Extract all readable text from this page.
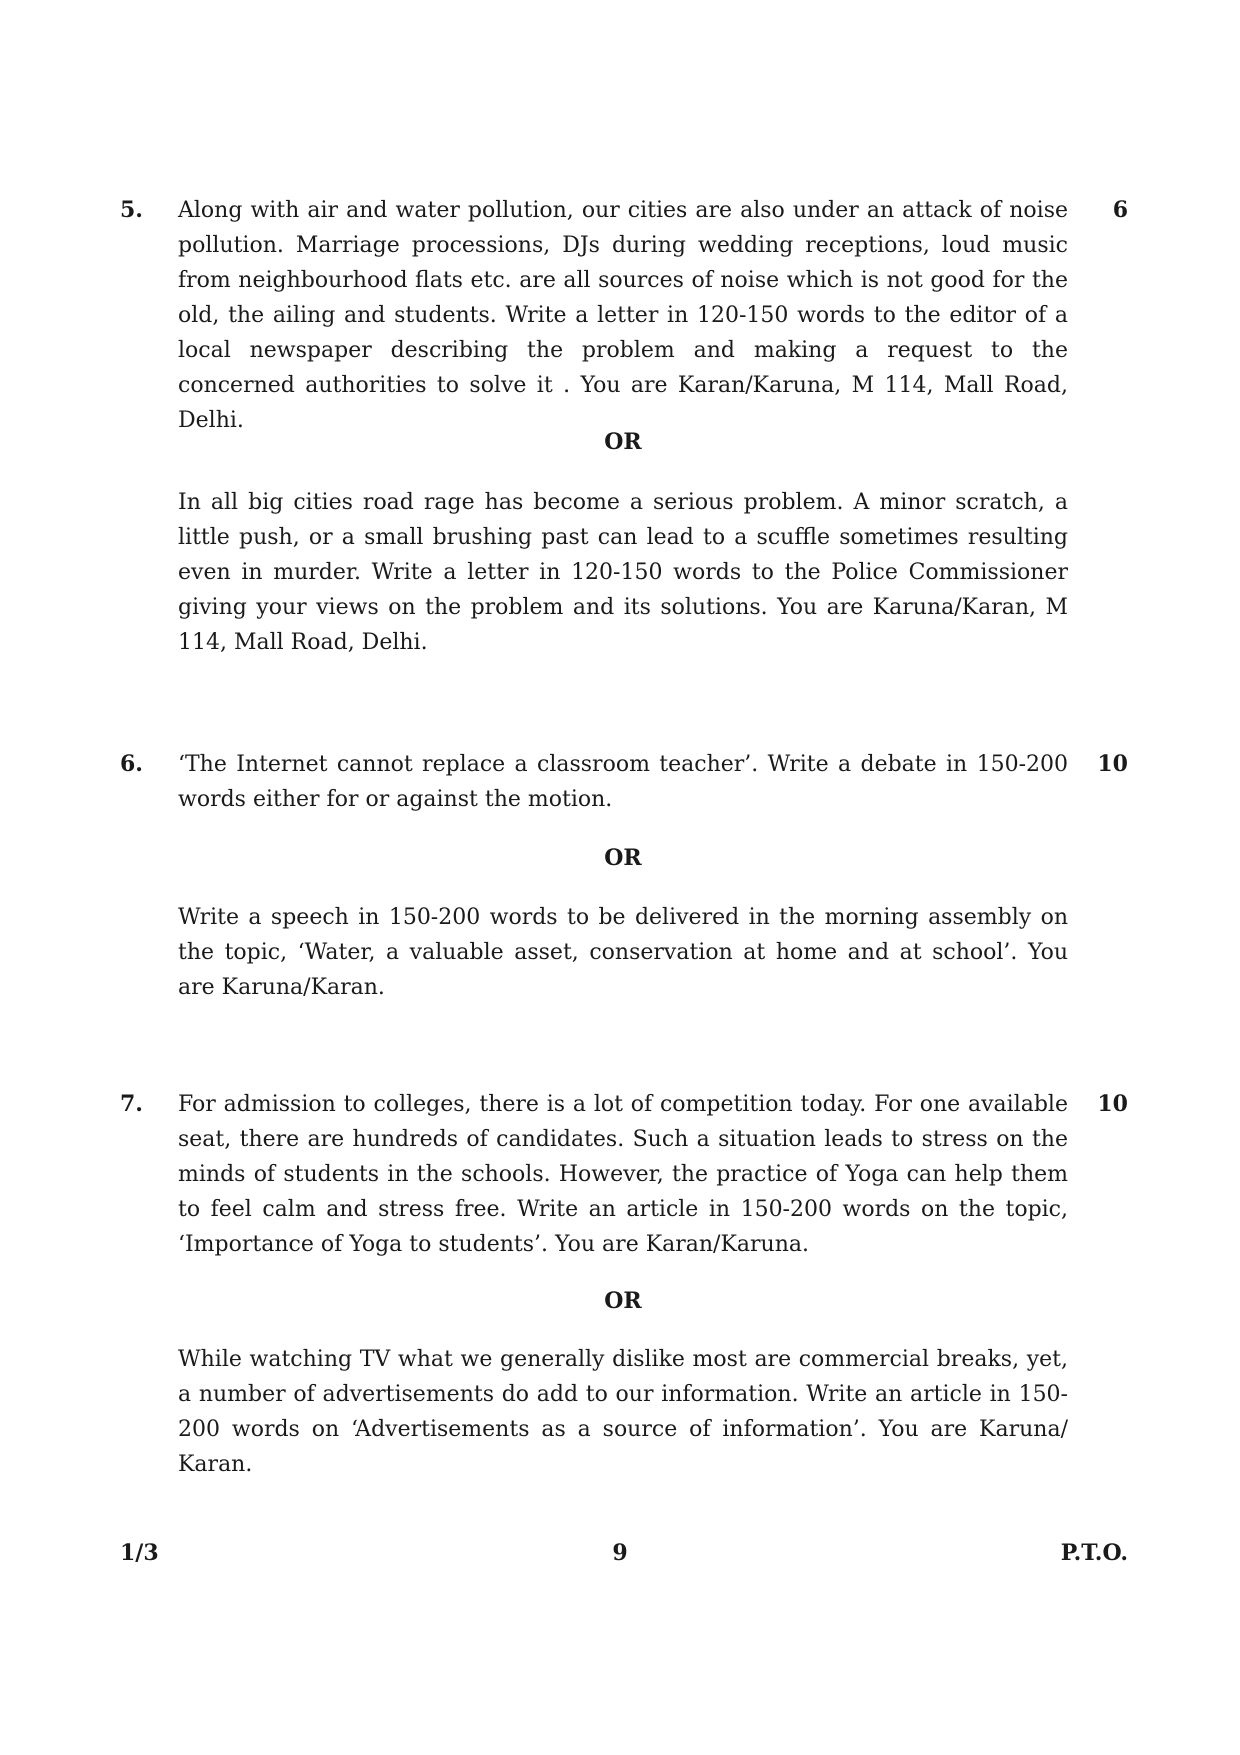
5.	6

Along with air and water pollution, our cities are also under an attack of noise pollution. Marriage processions, DJs during wedding receptions, loud music from neighbourhood flats etc. are all sources of noise which is not good for the old, the ailing and students. Write a letter in 120-150 words to the editor of a local newspaper describing the problem and making a request to the concerned authorities to solve it . You are Karan/Karuna, M 114, Mall Road, Delhi.

OR

In all big cities road rage has become a serious problem. A minor scratch, a little push, or a small brushing past can lead to a scuffle sometimes resulting even in murder. Write a letter in 120-150 words to the Police Commissioner giving your views on the problem and its solutions. You are Karuna/Karan, M 114, Mall Road, Delhi.

6.	10

‘The Internet cannot replace a classroom teacher’. Write a debate in 150-200 words either for or against the motion.

OR

Write a speech in 150-200 words to be delivered in the morning assembly on the topic, ‘Water, a valuable asset, conservation at home and at school’. You are Karuna/Karan.

7.	10

For admission to colleges, there is a lot of competition today. For one available seat, there are hundreds of candidates. Such a situation leads to stress on the minds of students in the schools. However, the practice of Yoga can help them to feel calm and stress free. Write an article in 150-200 words on the topic, ‘Importance of Yoga to students’. You are Karan/Karuna.

OR

While watching TV what we generally dislike most are commercial breaks, yet, a number of advertisements do add to our information. Write an article in 150-200 words on ‘Advertisements as a source of information’. You are Karuna/ Karan.

1/3	9	P.T.O.
